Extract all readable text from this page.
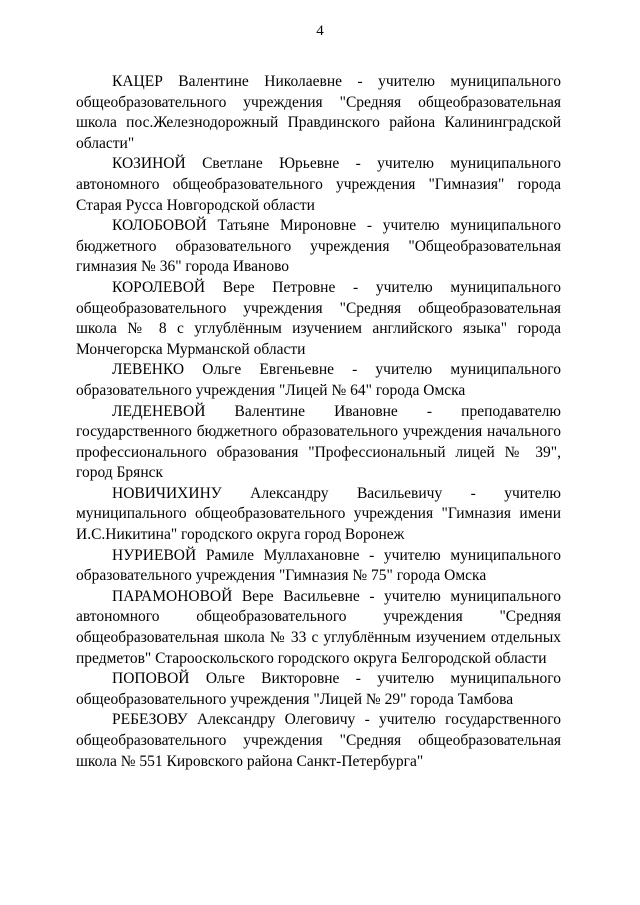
4

КАЦЕР Валентине Николаевне - учителю муниципального общеобразовательного учреждения "Средняя общеобразовательная школа пос.Железнодорожный Правдинского района Калининградской области"

КОЗИНОЙ Светлане Юрьевне - учителю муниципального автономного общеобразовательного учреждения "Гимназия" города Старая Русса Новгородской области

КОЛОБОВОЙ Татьяне Мироновне - учителю муниципального бюджетного образовательного учреждения "Общеобразовательная гимназия № 36" города Иваново

КОРОЛЕВОЙ Вере Петровне - учителю муниципального общеобразовательного учреждения "Средняя общеобразовательная школа № 8 с углублённым изучением английского языка" города Мончегорска Мурманской области

ЛЕВЕНКО Ольге Евгеньевне - учителю муниципального образовательного учреждения "Лицей № 64" города Омска

ЛЕДЕНЕВОЙ Валентине Ивановне - преподавателю государственного бюджетного образовательного учреждения начального профессионального образования "Профессиональный лицей № 39", город Брянск

НОВИЧИХИНУ Александру Васильевичу - учителю муниципального общеобразовательного учреждения "Гимназия имени И.С.Никитина" городского округа город Воронеж

НУРИЕВОЙ Рамиле Муллахановне - учителю муниципального образовательного учреждения "Гимназия № 75" города Омска

ПАРАМОНОВОЙ Вере Васильевне - учителю муниципального автономного общеобразовательного учреждения "Средняя общеобразовательная школа № 33 с углублённым изучением отдельных предметов" Старооскольского городского округа Белгородской области

ПОПОВОЙ Ольге Викторовне - учителю муниципального общеобразовательного учреждения "Лицей № 29" города Тамбова

РЕБЕЗОВУ Александру Олеговичу - учителю государственного общеобразовательного учреждения "Средняя общеобразовательная школа № 551 Кировского района Санкт-Петербурга"
